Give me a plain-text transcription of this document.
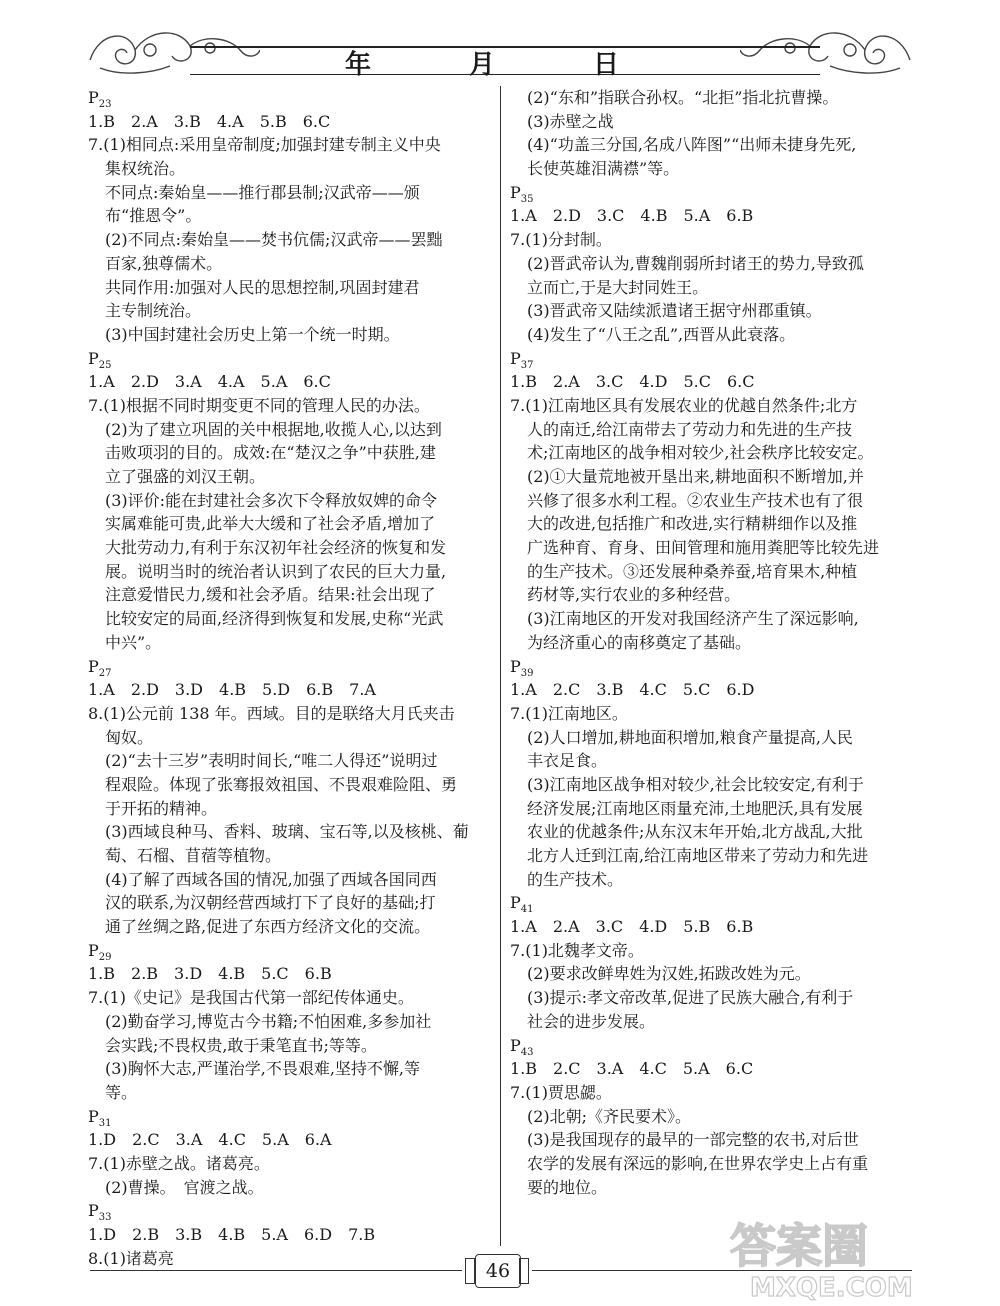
年　月　日
$P_{23}$
1.B　2.A　3.B　4.A　5.B　6.C
7.(1)相同点:采用皇帝制度;加强封建专制主义中央
集权统治。
不同点:秦始皇——推行郡县制;汉武帝——颁
布“推恩令”。
(2)不同点:秦始皇——焚书伉儒;汉武帝——罢黜
百家,独尊儒术。
共同作用:加强对人民的思想控制,巩固封建君
主专制统治。
(3)中国封建社会历史上第一个统一时期。
$P_{25}$
1.A　2.D　3.A　4.A　5.A　6.C
7.(1)根据不同时期变更不同的管理人民的办法。
(2)为了建立巩固的关中根据地,收揽人心,以达到
击败项羽的目的。成效:在“楚汉之争”中获胜,建
立了强盛的刘汉王朝。
(3)评价:能在封建社会多次下令释放奴婢的命令
实属难能可贵,此举大大缓和了社会矛盾,增加了
大批劳动力,有利于东汉初年社会经济的恢复和发
展。说明当时的统治者认识到了农民的巨大力量,
注意爱惜民力,缓和社会矛盾。结果:社会出现了
比较安定的局面,经济得到恢复和发展,史称“光武
中兴”。
$P_{27}$
1.A　2.D　3.D　4.B　5.D　6.B　7.A
8.(1)公元前 138 年。西域。目的是联络大月氏夹击
匈奴。
(2)“去十三岁”表明时间长,“唯二人得还”说明过
程艰险。体现了张骞报效祖国、不畏艰难险阻、勇
于开拓的精神。
(3)西域良种马、香料、玻璃、宝石等,以及核桃、葡
萄、石榴、苜蓿等植物。
(4)了解了西域各国的情况,加强了西域各国同西
汉的联系,为汉朝经营西域打下了良好的基础;打
通了丝绸之路,促进了东西方经济文化的交流。
$P_{29}$
1.B　2.B　3.D　4.B　5.C　6.B
7.(1)《史记》是我国古代第一部纪传体通史。
(2)勤奋学习,博览古今书籍;不怕困难,多参加社
会实践;不畏权贵,敢于秉笔直书;等等。
(3)胸怀大志,严谨治学,不畏艰难,坚持不懈,等
等。
$P_{31}$
1.D　2.C　3.A　4.C　5.A　6.A
7.(1)赤壁之战。诸葛亮。
(2)曹操。　官渡之战。
$P_{33}$
1.D　2.B　3.B　4.B　5.A　6.D　7.B
8.(1)诸葛亮
(2)“东和”指联合孙权。“北拒”指北抗曹操。
(3)赤壁之战
(4)“功盖三分国,名成八阵图”“出师未捷身先死,
长使英雄泪满襟”等。
$P_{35}$
1.A　2.D　3.C　4.B　5.A　6.B
7.(1)分封制。
(2)晋武帝认为,曹魏削弱所封诸王的势力,导致孤
立而亡,于是大封同姓王。
(3)晋武帝又陆续派遣诸王据守州郡重镇。
(4)发生了“八王之乱”,西晋从此衰落。
$P_{37}$
1.B　2.A　3.C　4.D　5.C　6.C
7.(1)江南地区具有发展农业的优越自然条件;北方
人的南迁,给江南带去了劳动力和先进的生产技
术;江南地区的战争相对较少,社会秩序比较安定。
(2)①大量荒地被开垦出来,耕地面积不断增加,并
兴修了很多水利工程。②农业生产技术也有了很
大的改进,包括推广和改进,实行精耕细作以及推
广选种育、育身、田间管理和施用粪肥等比较先进
的生产技术。③还发展种桑养蚕,培育果木,种植
药材等,实行农业的多种经营。
(3)江南地区的开发对我国经济产生了深远影响,
为经济重心的南移奠定了基础。
$P_{39}$
1.A　2.C　3.B　4.C　5.C　6.D
7.(1)江南地区。
(2)人口增加,耕地面积增加,粮食产量提高,人民
丰衣足食。
(3)江南地区战争相对较少,社会比较安定,有利于
经济发展;江南地区雨量充沛,土地肥沃,具有发展
农业的优越条件;从东汉末年开始,北方战乱,大批
北方人迁到江南,给江南地区带来了劳动力和先进
的生产技术。
$P_{41}$
1.A　2.A　3.C　4.D　5.B　6.B
7.(1)北魏孝文帝。
(2)要求改鲜卑姓为汉姓,拓跋改姓为元。
(3)提示:孝文帝改革,促进了民族大融合,有利于
社会的进步发展。
$P_{43}$
1.B　2.C　3.A　4.C　5.A　6.C
7.(1)贾思勰。
(2)北朝;《齐民要术》。
(3)是我国现存的最早的一部完整的农书,对后世
农学的发展有深远的影响,在世界农学史上占有重
要的地位。
46	答案圈
MXQE.COM
